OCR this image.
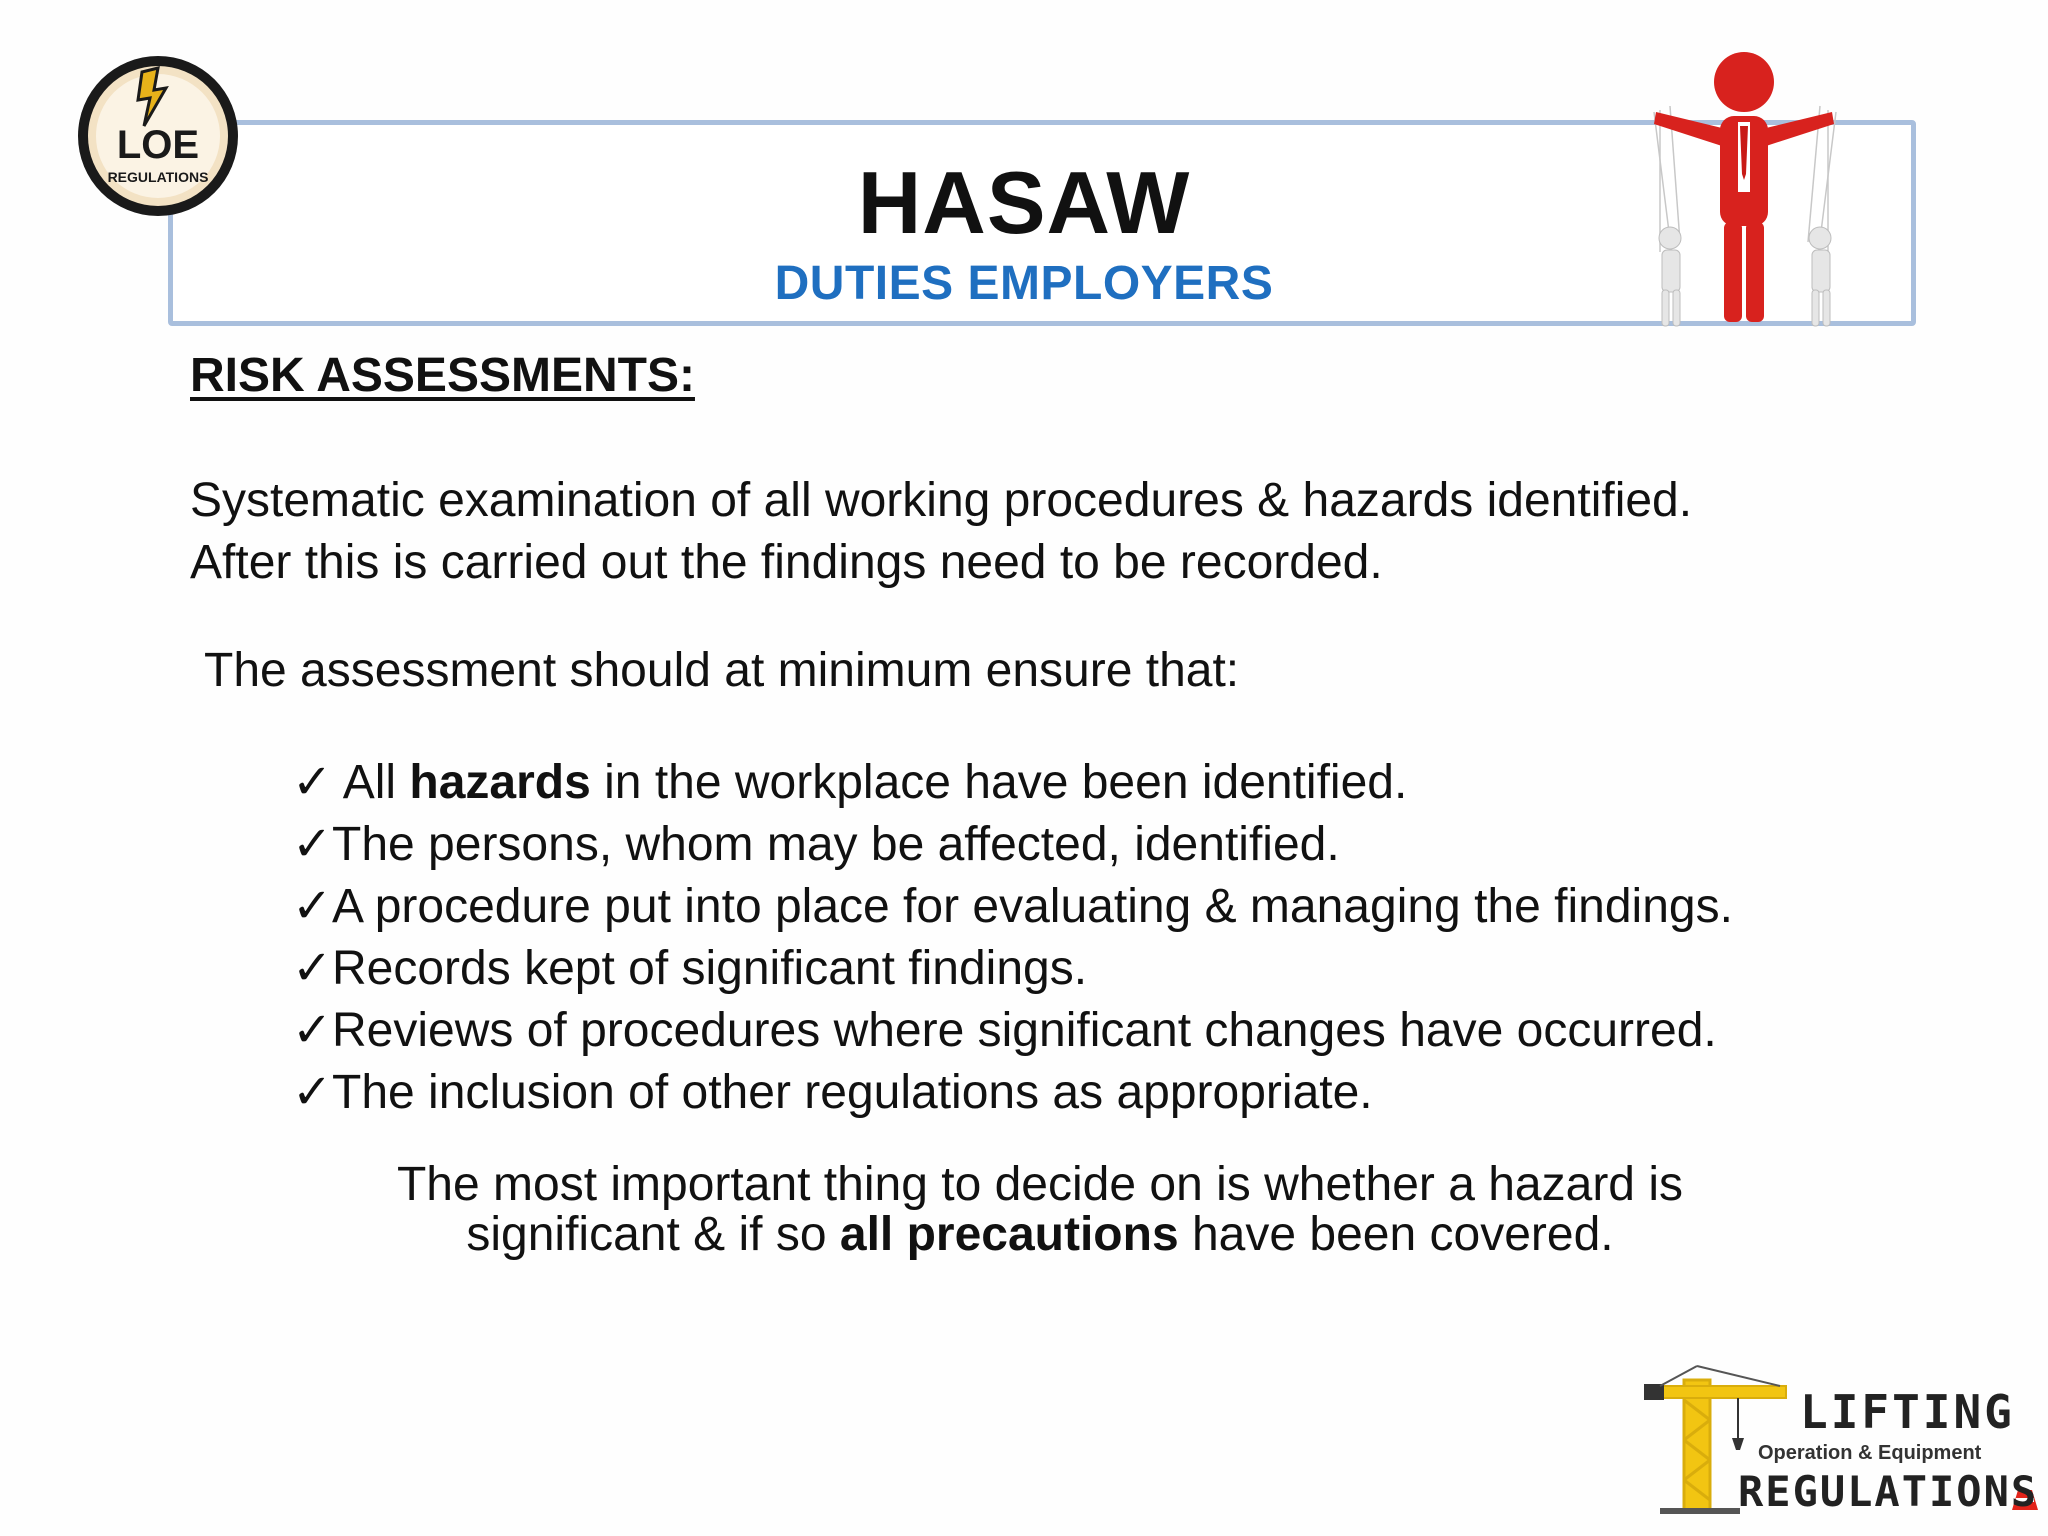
HASAW
DUTIES EMPLOYERS
LOE
REGULATIONS
RISK ASSESSMENTS:
Systematic examination of all working procedures & hazards identified.
After this is carried out the findings need to be recorded.
The assessment should at minimum ensure that:
✓ All hazards in the workplace have been identified.
✓The persons, whom may be affected, identified.
✓A procedure put into place for evaluating & managing the findings.
✓Records kept of significant findings.
✓Reviews of procedures where significant changes have occurred.
✓The inclusion of other regulations as appropriate.
The most important thing to decide on is whether a hazard is
significant & if so all precautions have been covered.
LIFTING
Operation & Equipment
REGULATIONS
